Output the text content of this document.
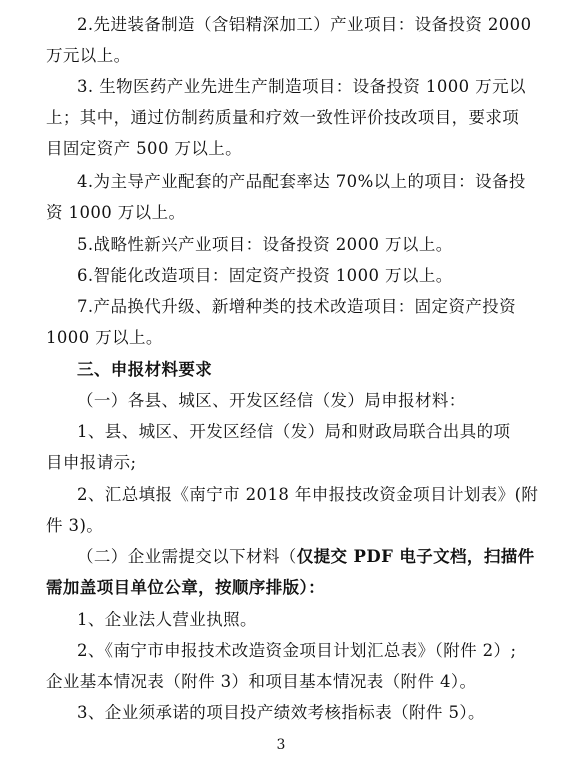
2.先进装备制造（含铝精深加工）产业项目：设备投资 2000
万元以上。
3. 生物医药产业先进生产制造项目：设备投资 1000 万元以
上；其中，通过仿制药质量和疗效一致性评价技改项目，要求项
目固定资产 500 万以上。
4.为主导产业配套的产品配套率达 70%以上的项目：设备投
资 1000 万以上。
5.战略性新兴产业项目：设备投资 2000 万以上。
6.智能化改造项目：固定资产投资 1000 万以上。
7.产品换代升级、新增种类的技术改造项目：固定资产投资
1000 万以上。
三、申报材料要求
（一）各县、城区、开发区经信（发）局申报材料：
1、县、城区、开发区经信（发）局和财政局联合出具的项
目申报请示;
2、汇总填报《南宁市 2018 年申报技改资金项目计划表》(附
件 3)。
（二）企业需提交以下材料（仅提交 PDF 电子文档，扫描件
需加盖项目单位公章，按顺序排版）：
1、企业法人营业执照。
2、《南宁市申报技术改造资金项目计划汇总表》（附件 2）;
企业基本情况表（附件 3）和项目基本情况表（附件 4）。
3、企业须承诺的项目投产绩效考核指标表（附件 5）。
3
